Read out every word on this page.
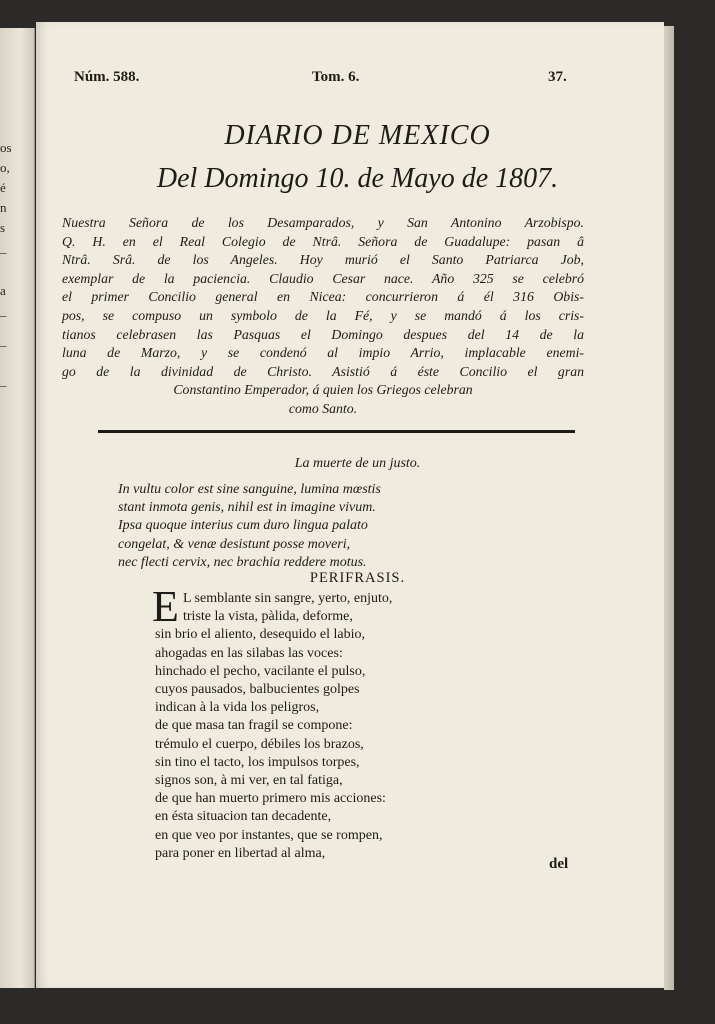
os
o,
é
n
s
_
a
_
_
_
Núm. 588.	Tom. 6.	37.
DIARIO DE MEXICO
Del Domingo 10. de Mayo de 1807.
Nuestra Señora de los Desamparados, y San Antonino Arzobispo.
Q. H. en el Real Colegio de Ntrâ. Señora de Guadalupe: pasan â
Ntrâ. Srâ. de los Angeles. Hoy murió el Santo Patriarca Job,
exemplar de la paciencia. Claudio Cesar nace. Año 325 se celebró
el primer Concilio general en Nicea: concurrieron á él 316 Obis-
pos, se compuso un symbolo de la Fé, y se mandó á los cris-
tianos celebrasen las Pasquas el Domingo despues del 14 de la
luna de Marzo, y se condenó al impio Arrio, implacable enemi-
go de la divinidad de Christo. Asistió á éste Concilio el gran
Constantino Emperador, á quien los Griegos celebran
como Santo.
La muerte de un justo.
In vultu color est sine sanguine, lumina mœstis
stant inmota genis, nihil est in imagine vivum.
Ipsa quoque interius cum duro lingua palato
congelat, & venæ desistunt posse moveri,
nec flecti cervix, nec brachia reddere motus.
PERIFRASIS.
E L semblante sin sangre, yerto, enjuto,
triste la vista, pàlida, deforme,
sin brio el aliento, desequido el labio,
ahogadas en las silabas las voces:
hinchado el pecho, vacilante el pulso,
cuyos pausados, balbucientes golpes
indican à la vida los peligros,
de que masa tan fragil se compone:
trémulo el cuerpo, débiles los brazos,
sin tino el tacto, los impulsos torpes,
signos son, à mi ver, en tal fatiga,
de que han muerto primero mis acciones:
en ésta situacion tan decadente,
en que veo por instantes, que se rompen,
para poner en libertad al alma,
del
